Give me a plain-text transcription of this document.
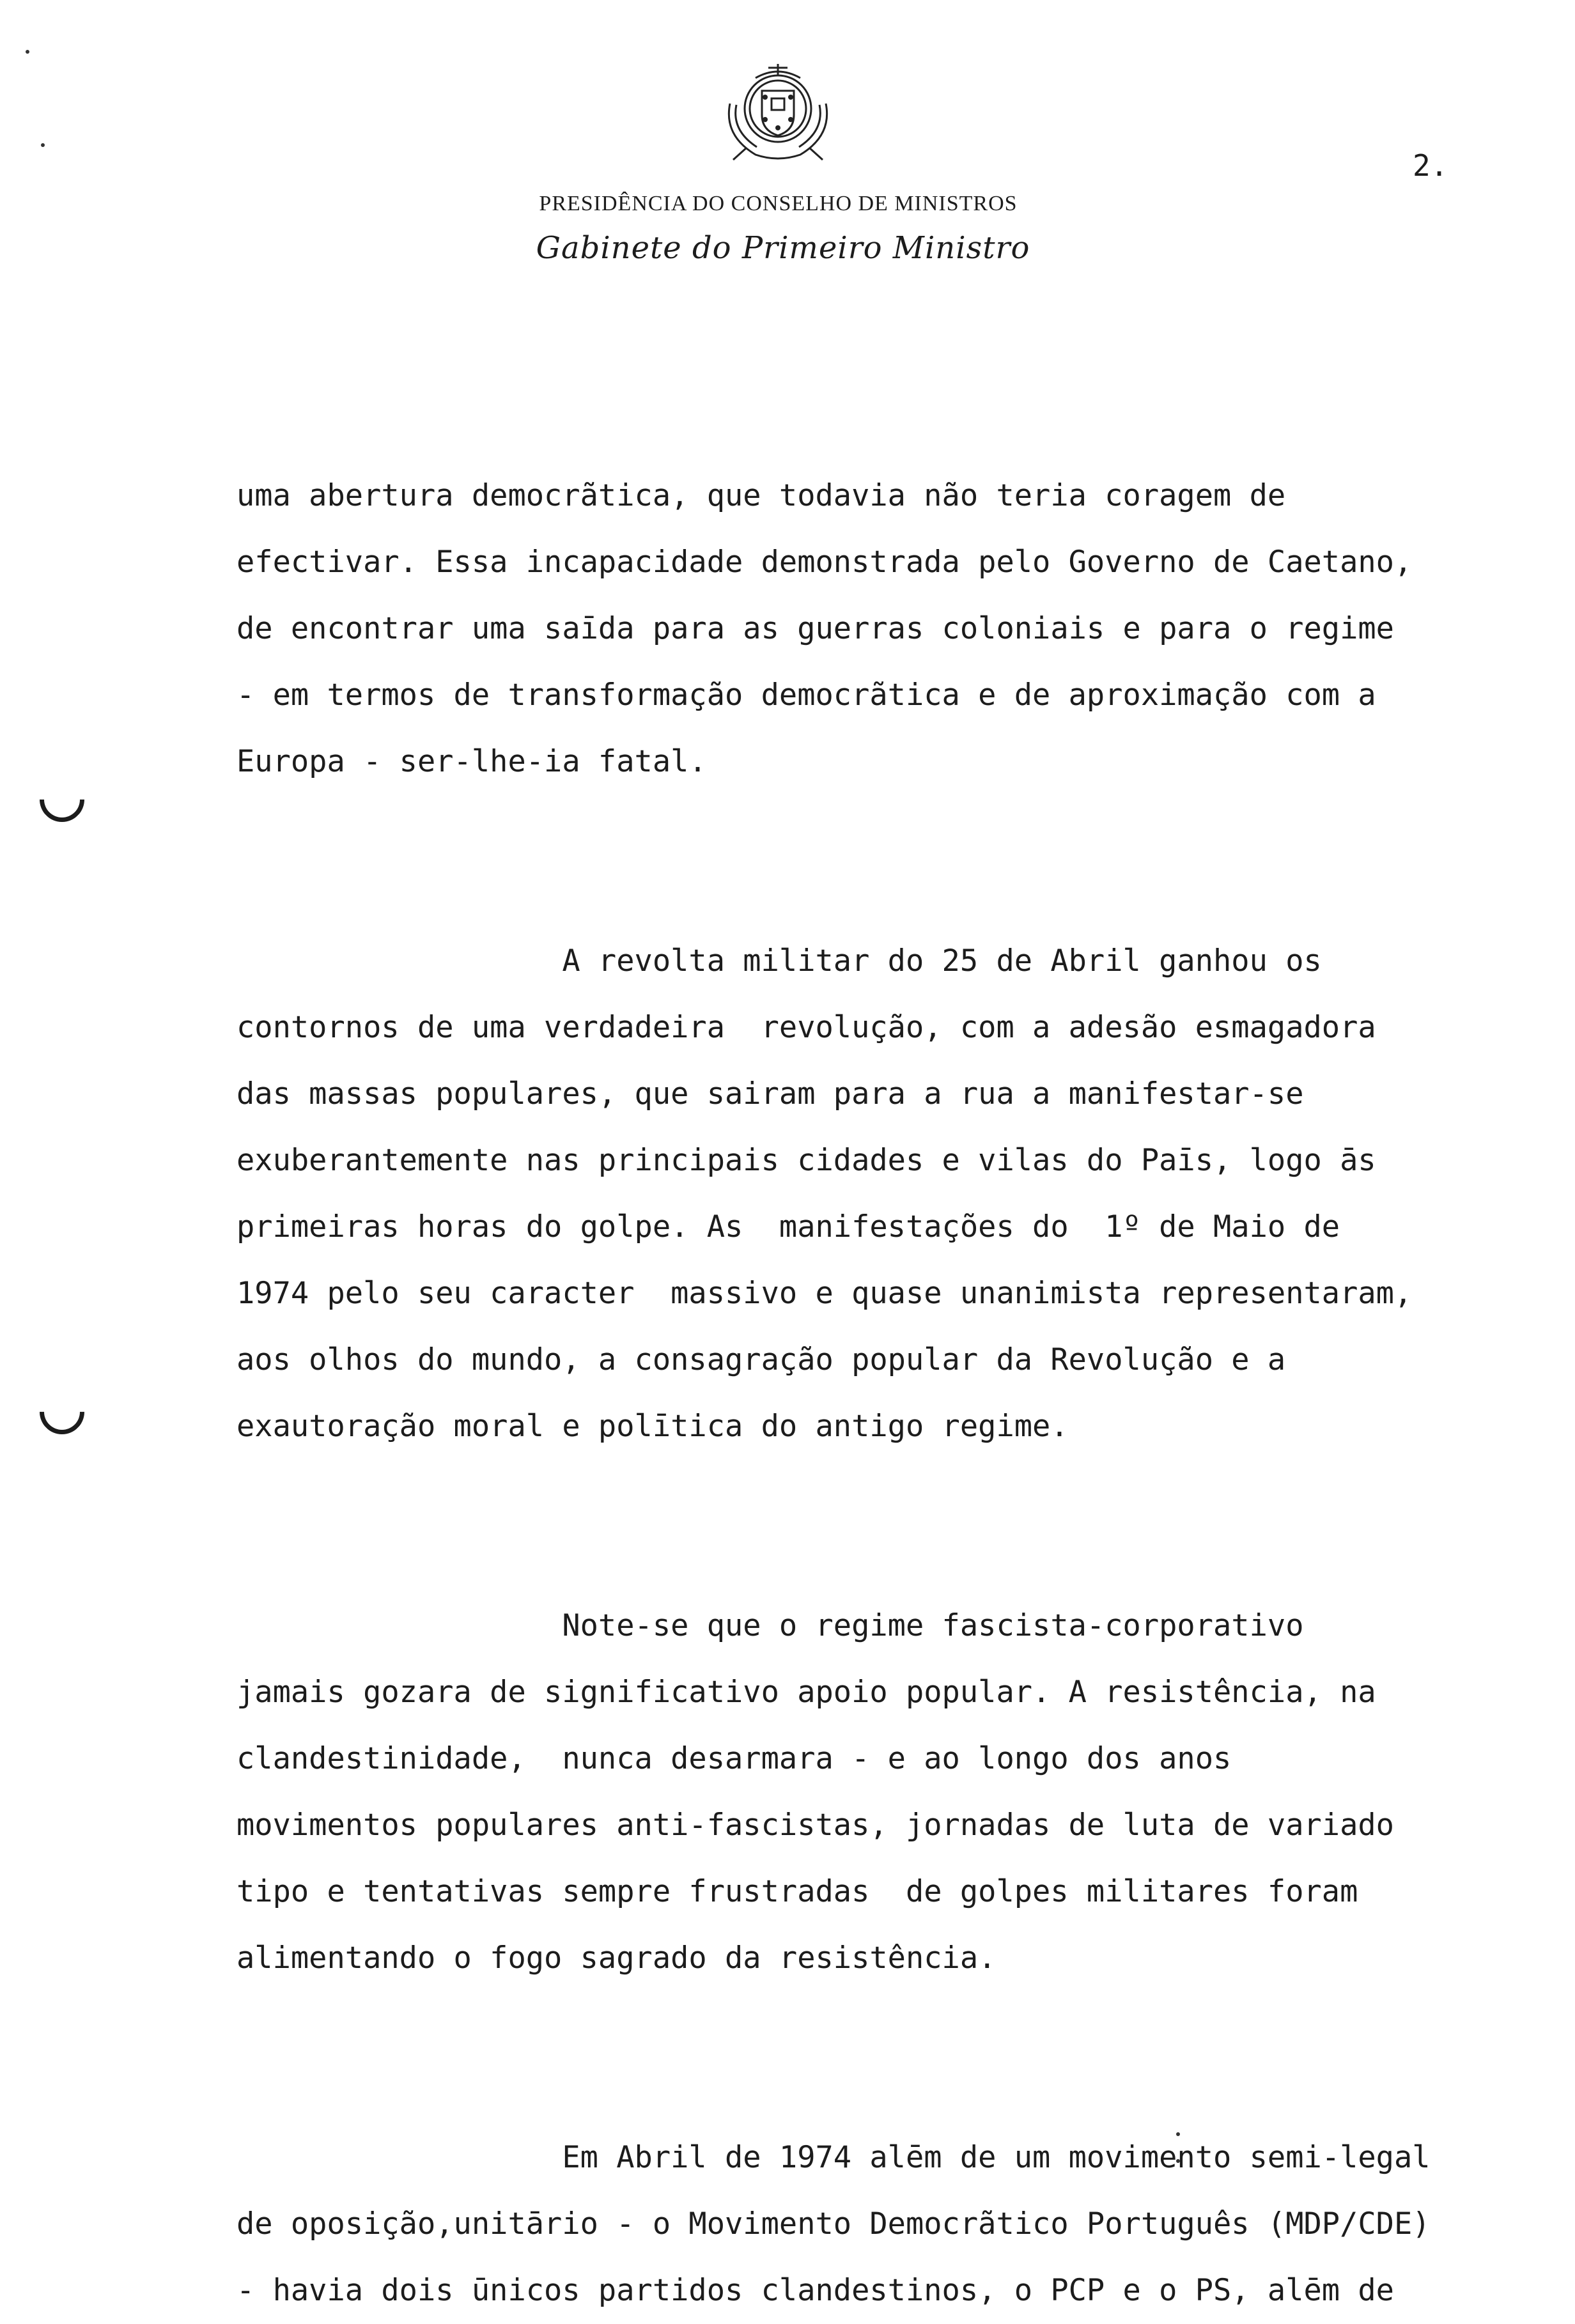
2.
PRESIDÊNCIA DO CONSELHO DE MINISTROS
Gabinete do Primeiro Ministro
uma abertura democrãtica, que todavia não teria coragem de
efectivar. Essa incapacidade demonstrada pelo Governo de Caetano,
de encontrar uma saīda para as guerras coloniais e para o regime
- em termos de transformação democrãtica e de aproximação com a
Europa - ser-lhe-ia fatal.
A revolta militar do 25 de Abril ganhou os
contornos de uma verdadeira  revolução, com a adesão esmagadora
das massas populares, que sairam para a rua a manifestar-se
exuberantemente nas principais cidades e vilas do Paīs, logo ās
primeiras horas do golpe. As  manifestações do  1º de Maio de
1974 pelo seu caracter  massivo e quase unanimista representaram,
aos olhos do mundo, a consagração popular da Revolução e a
exautoração moral e polītica do antigo regime.
Note-se que o regime fascista-corporativo
jamais gozara de significativo apoio popular. A resistência, na
clandestinidade,  nunca desarmara - e ao longo dos anos
movimentos populares anti-fascistas, jornadas de luta de variado
tipo e tentativas sempre frustradas  de golpes militares foram
alimentando o fogo sagrado da resistência.
Em Abril de 1974 alēm de um movimento semi-legal
de oposição,unitārio - o Movimento Democrãtico Português (MDP/CDE)
- havia dois ūnicos partidos clandestinos, o PCP e o PS, alēm de
